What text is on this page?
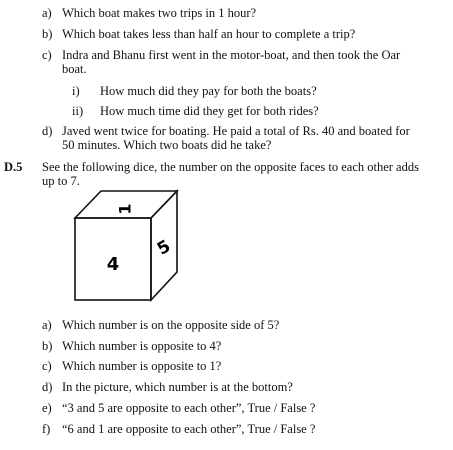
a) Which boat makes two trips in 1 hour?
b) Which boat takes less than half an hour to complete a trip?
c) Indra and Bhanu first went in the motor-boat, and then took the Oar
boat.
i) How much did they pay for both the boats?
ii) How much time did they get for both rides?
d) Javed went twice for boating. He paid a total of Rs. 40 and boated for
50 minutes. Which two boats did he take?
D.5 See the following dice, the number on the opposite faces to each other adds
up to 7.
1
4
5
a) Which number is on the opposite side of 5?
b) Which number is opposite to 4?
c) Which number is opposite to 1?
d) In the picture, which number is at the bottom?
e) “3 and 5 are opposite to each other”, True / False ?
f) “6 and 1 are opposite to each other”, True / False ?
